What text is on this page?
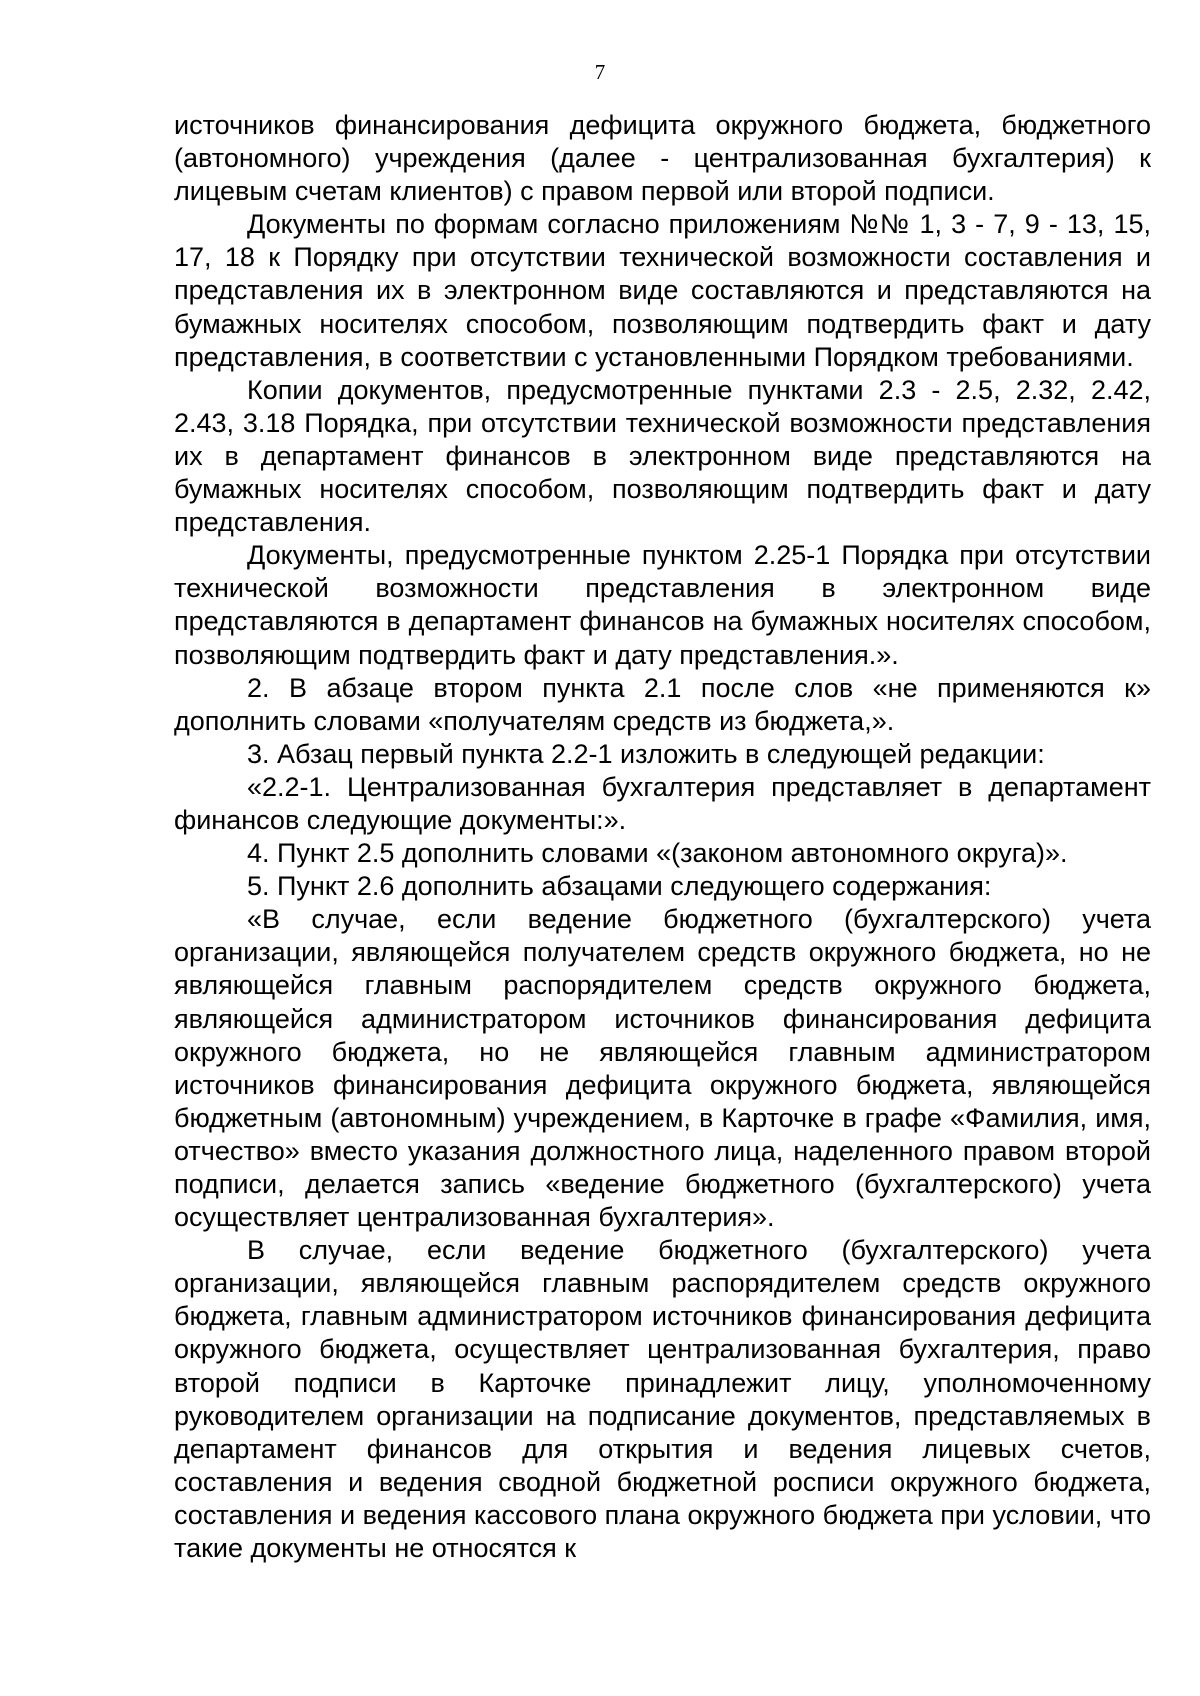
7

источников финансирования дефицита окружного бюджета, бюджетного (автономного) учреждения (далее - централизованная бухгалтерия) к лицевым счетам клиентов) с правом первой или второй подписи.

Документы по формам согласно приложениям №№ 1, 3 - 7, 9 - 13, 15, 17, 18 к Порядку при отсутствии технической возможности составления и представления их в электронном виде составляются и представляются на бумажных носителях способом, позволяющим подтвердить факт и дату представления, в соответствии с установленными Порядком требованиями.

Копии документов, предусмотренные пунктами 2.3 - 2.5, 2.32, 2.42, 2.43, 3.18 Порядка, при отсутствии технической возможности представления их в департамент финансов в электронном виде представляются на бумажных носителях способом, позволяющим подтвердить факт и дату представления.

Документы, предусмотренные пунктом 2.25-1 Порядка при отсутствии технической возможности представления в электронном виде представляются в департамент финансов на бумажных носителях способом, позволяющим подтвердить факт и дату представления.».

2. В абзаце втором пункта 2.1 после слов «не применяются к» дополнить словами «получателям средств из бюджета,».

3. Абзац первый пункта 2.2-1 изложить в следующей редакции:

«2.2-1. Централизованная бухгалтерия представляет в департамент финансов следующие документы:».

4. Пункт 2.5 дополнить словами «(законом автономного округа)».

5. Пункт 2.6 дополнить абзацами следующего содержания:

«В случае, если ведение бюджетного (бухгалтерского) учета организации, являющейся получателем средств окружного бюджета, но не являющейся главным распорядителем средств окружного бюджета, являющейся администратором источников финансирования дефицита окружного бюджета, но не являющейся главным администратором источников финансирования дефицита окружного бюджета, являющейся бюджетным (автономным) учреждением, в Карточке в графе «Фамилия, имя, отчество» вместо указания должностного лица, наделенного правом второй подписи, делается запись «ведение бюджетного (бухгалтерского) учета осуществляет централизованная бухгалтерия».

В случае, если ведение бюджетного (бухгалтерского) учета организации, являющейся главным распорядителем средств окружного бюджета, главным администратором источников финансирования дефицита окружного бюджета, осуществляет централизованная бухгалтерия, право второй подписи в Карточке принадлежит лицу, уполномоченному руководителем организации на подписание документов, представляемых в департамент финансов для открытия и ведения лицевых счетов, составления и ведения сводной бюджетной росписи окружного бюджета, составления и ведения кассового плана окружного бюджета при условии, что такие документы не относятся к
